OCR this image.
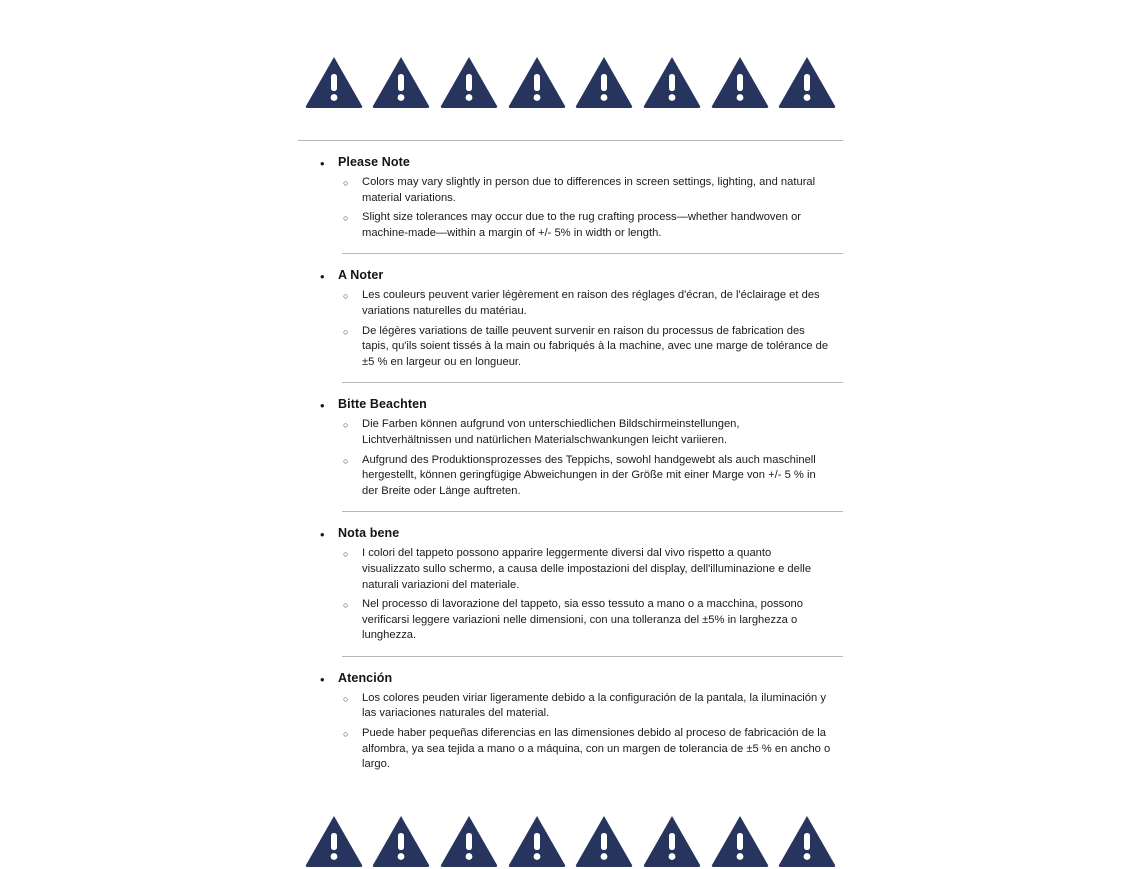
•	Please Note
○	Colors may vary slightly in person due to differences in screen settings, lighting, and natural material variations.
○	Slight size tolerances may occur due to the rug crafting process—whether handwoven or machine-made—within a margin of +/- 5% in width or length.
•	A Noter
○	Les couleurs peuvent varier légèrement en raison des réglages d'écran, de l'éclairage et des variations naturelles du matériau.
○	De légères variations de taille peuvent survenir en raison du processus de fabrication des tapis, qu'ils soient tissés à la main ou fabriqués à la machine, avec une marge de tolérance de ±5 % en largeur ou en longueur.
•	Bitte Beachten
○	Die Farben können aufgrund von unterschiedlichen Bildschirmeinstellungen, Lichtverhältnissen und natürlichen Materialschwankungen leicht variieren.
○	Aufgrund des Produktionsprozesses des Teppichs, sowohl handgewebt als auch maschinell hergestellt, können geringfügige Abweichungen in der Größe mit einer Marge von +/- 5 % in der Breite oder Länge auftreten.
•	Nota bene
○	I colori del tappeto possono apparire leggermente diversi dal vivo rispetto a quanto visualizzato sullo schermo, a causa delle impostazioni del display, dell'illuminazione e delle naturali variazioni del materiale.
○	Nel processo di lavorazione del tappeto, sia esso tessuto a mano o a macchina, possono verificarsi leggere variazioni nelle dimensioni, con una tolleranza del ±5% in larghezza o lunghezza.
•	Atención
○	Los colores peuden viriar ligeramente debido a la configuración de la pantala, la iluminación y las variaciones naturales del material.
○	Puede haber pequeñas diferencias en las dimensiones debido al proceso de fabricación de la alfombra, ya sea tejida a mano o a máquina, con un margen de tolerancia de ±5 % en ancho o largo.
